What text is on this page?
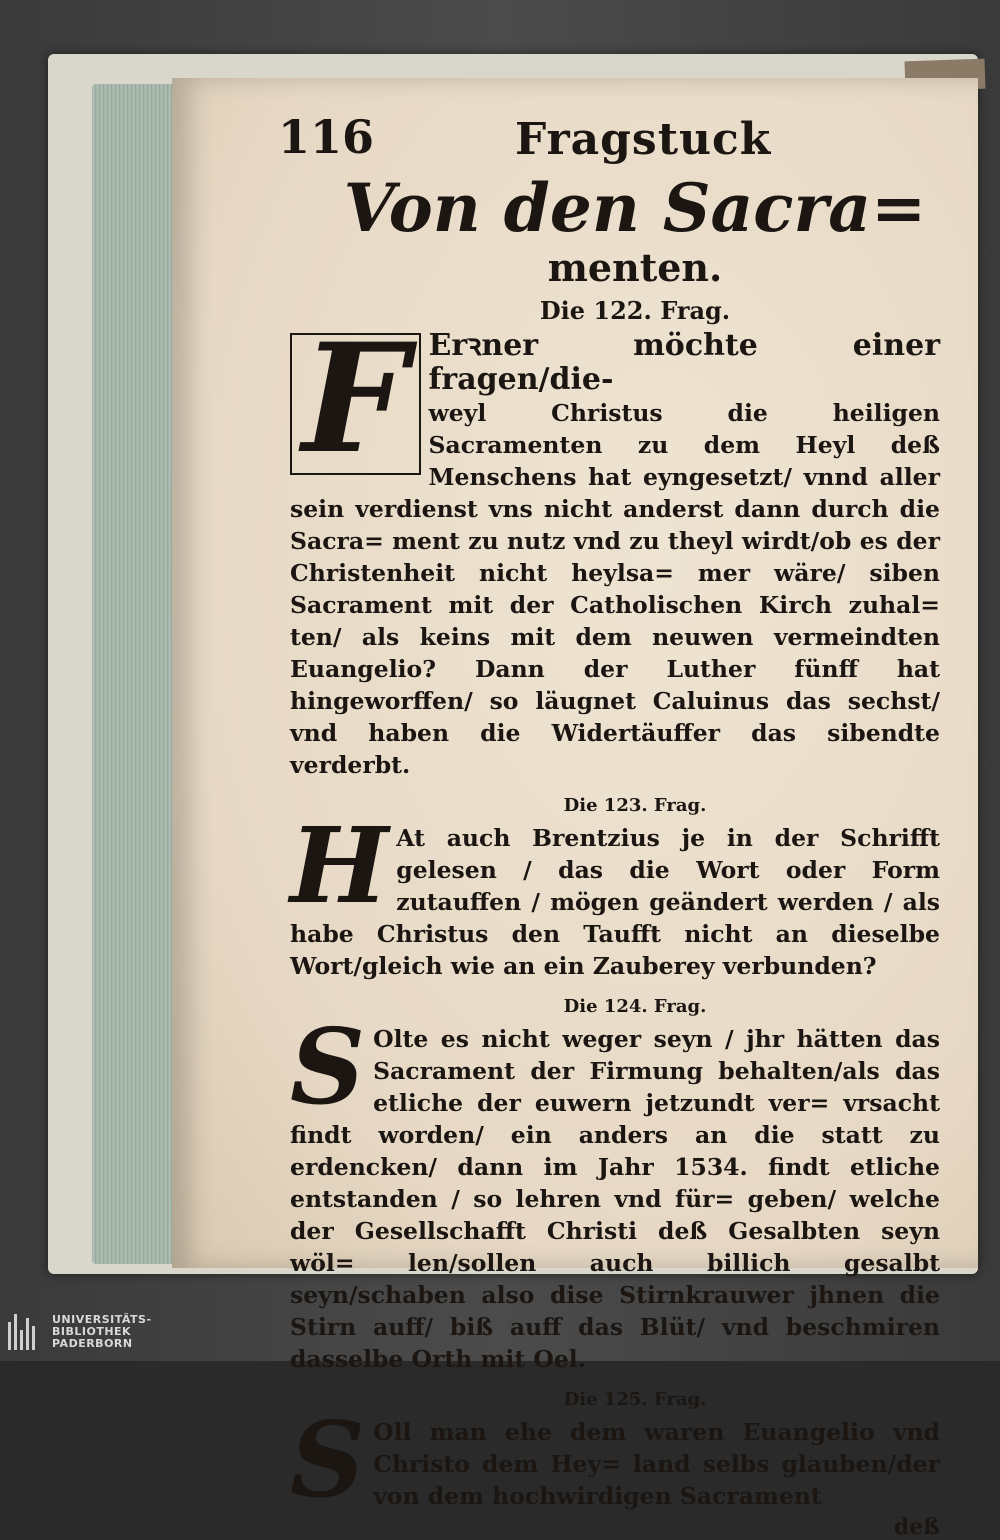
116	Fragstuck
Von den Sacra=
menten.
Die 122. Frag.
F Erꝛner möchte einer fragen/die-

weyl Christus die heiligen Sacramenten zu dem Heyl deß Menschens hat eyngesetzt/ vnnd aller sein verdienst vns nicht anderst dann durch die Sacra= ment zu nutz vnd zu theyl wirdt/ob es der Christenheit nicht heylsa= mer wäre/ siben Sacrament mit der Catholischen Kirch zuhal= ten/ als keins mit dem neuwen vermeindten Euangelio? Dann der Luther fünff hat hingeworffen/ so läugnet Caluinus das sechst/ vnd haben die Widertäuffer das sibendte verderbt.

Die 123. Frag.
H At auch Brentzius je in der Schrifft gelesen / das die Wort oder Form zutauffen / mögen geändert werden / als habe Christus den Taufft nicht an dieselbe Wort/gleich wie an ein Zauberey verbunden?

Die 124. Frag.
S Olte es nicht weger seyn / jhr hätten das Sacrament der Firmung behalten/als das etliche der euwern jetzundt ver= vrsacht findt worden/ ein anders an die statt zu erdencken/ dann im Jahr 1534. findt etliche entstanden / so lehren vnd für= geben/ welche der Gesellschafft Christi deß Gesalbten seyn wöl= len/sollen auch billich gesalbt seyn/schaben also dise Stirnkrauwer jhnen die Stirn auff/ biß auff das Blüt/ vnd beschmiren dasselbe Orth mit Oel.

Die 125. Frag.
S Oll man ehe dem waren Euangelio vnd Christo dem Hey= land selbs glauben/der von dem hochwirdigen Sacrament

deß
UNIVERSITÄTS-
BIBLIOTHEK
PADERBORN
